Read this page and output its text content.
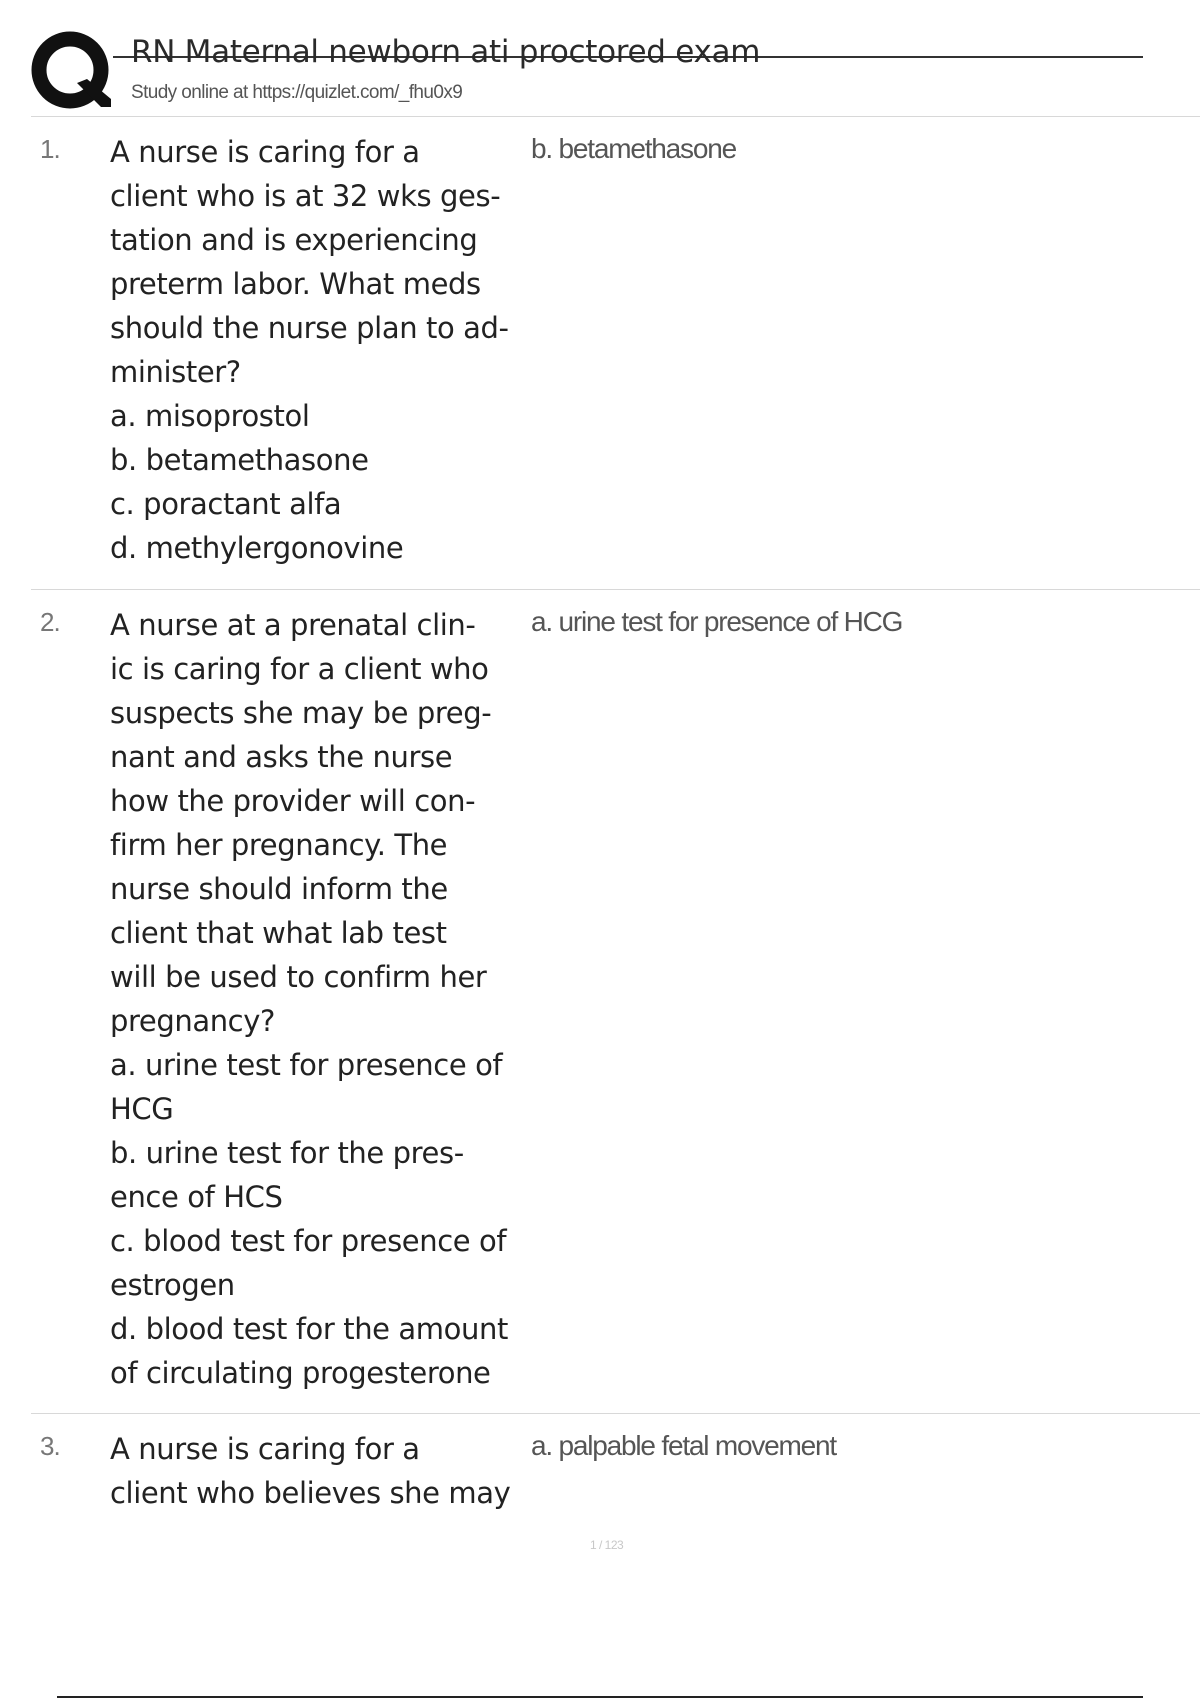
RN Maternal newborn ati proctored exam
Study online at https://quizlet.com/_fhu0x9
1. A nurse is caring for a
client who is at 32 wks ges-
tation and is experiencing
preterm labor. What meds
should the nurse plan to ad-
minister?
a. misoprostol
b. betamethasone
c. poractant alfa
d. methylergonovine
b. betamethasone
2. A nurse at a prenatal clin-
ic is caring for a client who
suspects she may be preg-
nant and asks the nurse
how the provider will con-
firm her pregnancy. The
nurse should inform the
client that what lab test
will be used to confirm her
pregnancy?
a. urine test for presence of
HCG
b. urine test for the pres-
ence of HCS
c. blood test for presence of
estrogen
d. blood test for the amount
of circulating progesterone
a. urine test for presence of HCG
3. A nurse is caring for a
client who believes she may
a. palpable fetal movement
1 / 123
